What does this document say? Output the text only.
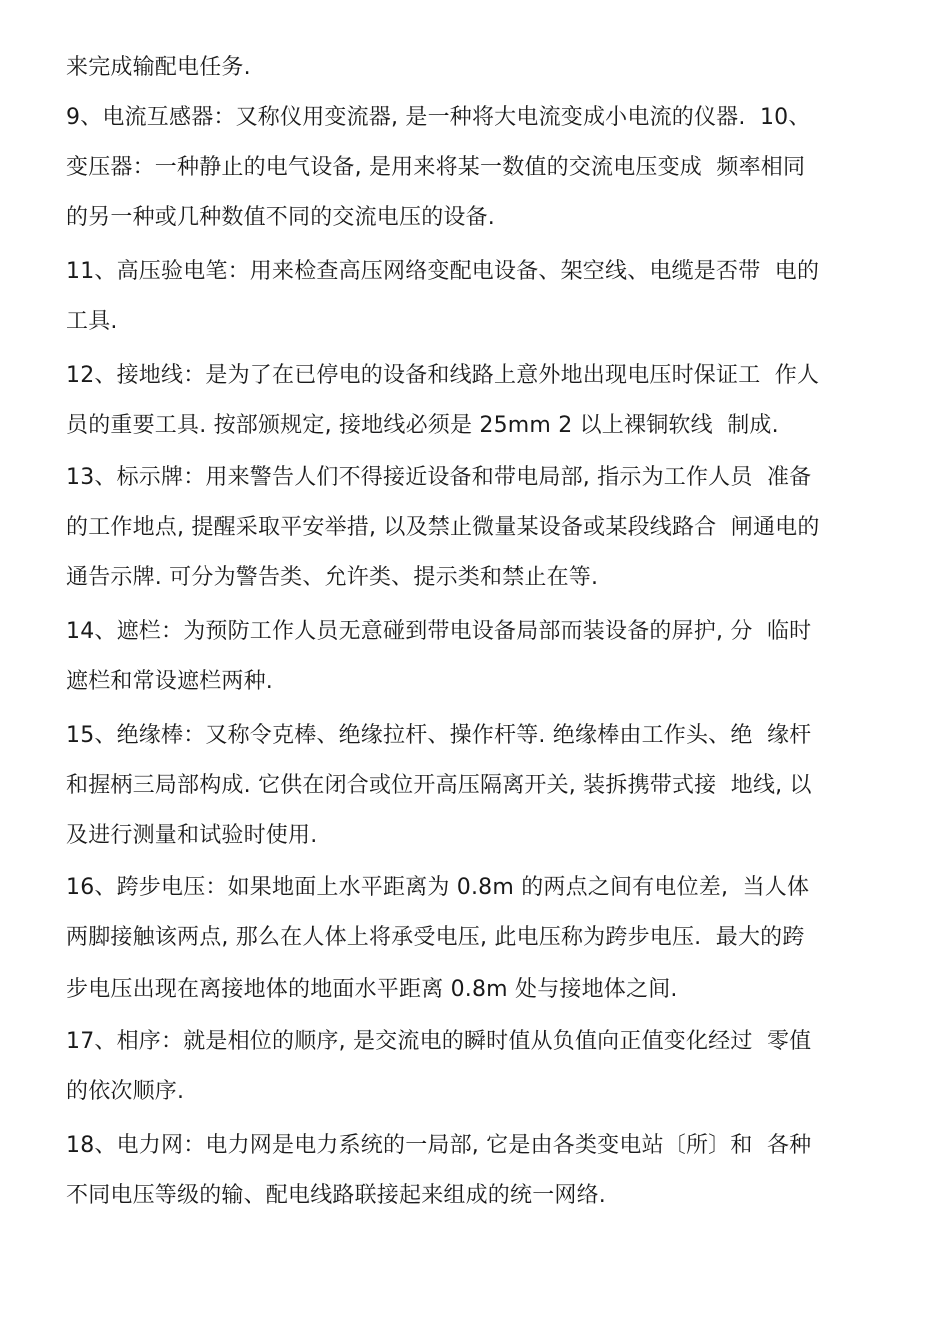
来完成输配电任务.
9、电流互感器：又称仪用变流器, 是一种将大电流变成小电流的仪器.  10、
变压器：一种静止的电气设备, 是用来将某一数值的交流电压变成  频率相同
的另一种或几种数值不同的交流电压的设备.
11、高压验电笔：用来检查高压网络变配电设备、架空线、电缆是否带  电的
工具.
12、接地线：是为了在已停电的设备和线路上意外地出现电压时保证工  作人
员的重要工具. 按部颁规定, 接地线必须是 25mm 2 以上裸铜软线  制成.
13、标示牌：用来警告人们不得接近设备和带电局部, 指示为工作人员  准备
的工作地点, 提醒采取平安举措, 以及禁止微量某设备或某段线路合  闸通电的
通告示牌. 可分为警告类、允许类、提示类和禁止在等.
14、遮栏：为预防工作人员无意碰到带电设备局部而装设备的屏护, 分  临时
遮栏和常设遮栏两种.
15、绝缘棒：又称令克棒、绝缘拉杆、操作杆等. 绝缘棒由工作头、绝  缘杆
和握柄三局部构成. 它供在闭合或位开高压隔离开关, 装拆携带式接  地线, 以
及进行测量和试验时使用.
16、跨步电压：如果地面上水平距离为 0.8m 的两点之间有电位差,  当人体
两脚接触该两点, 那么在人体上将承受电压, 此电压称为跨步电压.  最大的跨
步电压出现在离接地体的地面水平距离 0.8m 处与接地体之间.
17、相序：就是相位的顺序, 是交流电的瞬时值从负值向正值变化经过  零值
的依次顺序.
18、电力网：电力网是电力系统的一局部, 它是由各类变电站〔所〕和  各种
不同电压等级的输、配电线路联接起来组成的统一网络.
